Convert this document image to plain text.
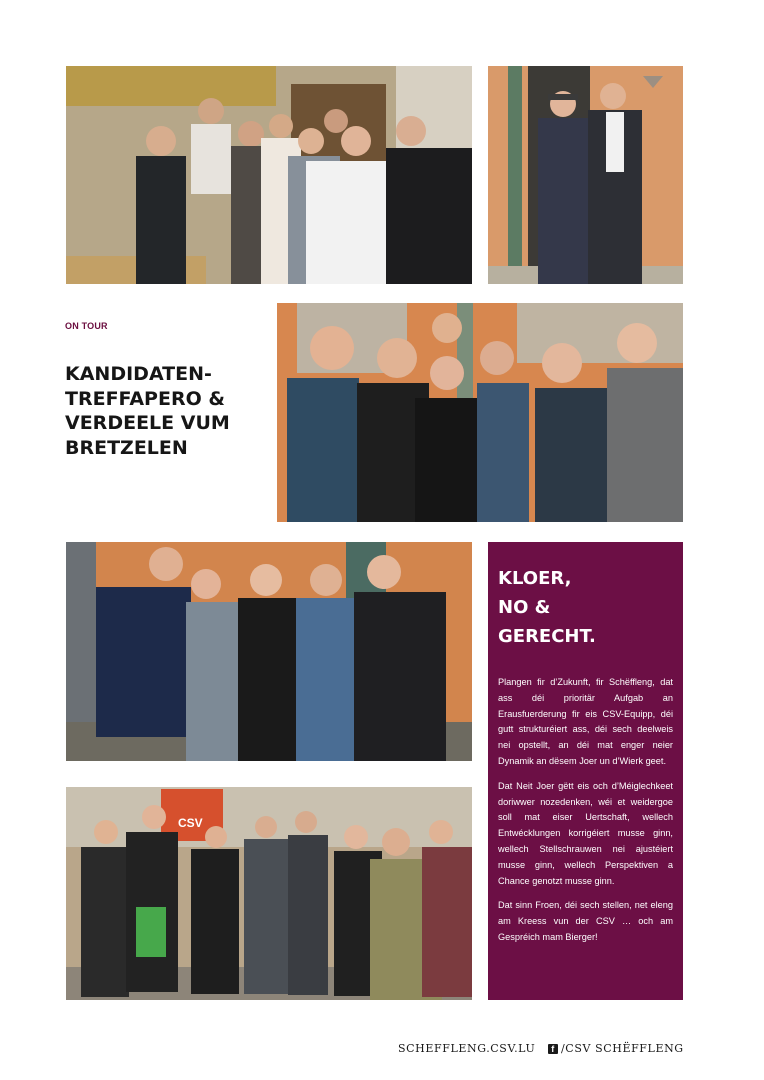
CSV
ON TOUR
KANDIDATEN-
TREFFAPERO &
VERDEELE VUM
BRETZELEN
KLOER,
NO &
GERECHT.

Plangen fir d’Zukunft, fir Schëffleng, dat ass déi prioritär Aufgab an Erausfuerderung fir eis CSV-Equipp, déi gutt strukturéiert ass, déi sech deelweis nei opstellt, an déi mat enger neier Dynamik an dësem Joer un d’Wierk geet.

Dat Neit Joer gëtt eis och d’Méiglechkeet doriwwer nozedenken, wéi et weidergoe soll mat eiser Uertschaft, wellech Entwécklungen korrigéiert musse ginn, wellech Stellschrauwen nei ajustéiert musse ginn, wellech Perspektiven a Chance genotzt musse ginn.

Dat sinn Froen, déi sech stellen, net eleng am Kreess vun der CSV … och am Gespréich mam Bierger!

SCHEFFLENG.CSV.LU	f /CSV SCHËFFLENG
